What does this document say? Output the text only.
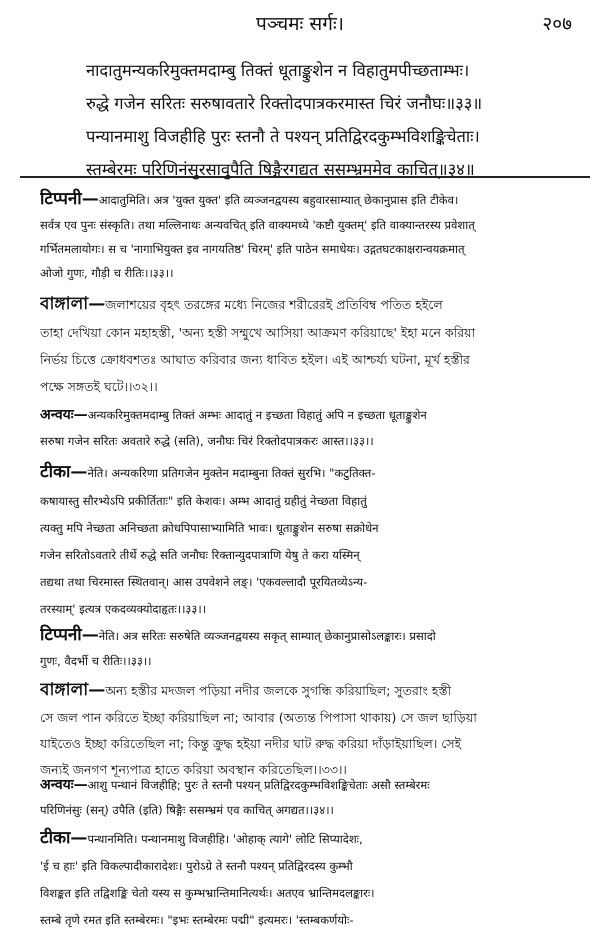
पञ्चमः सर्गः।	२०७
नादातुमन्यकरिमुक्तमदाम्बु तिक्तं धूताङ्कुशेन न विहातुमपीच्छताम्भः।
रुद्धे गजेन सरितः सरुषावतारे रिक्तोदपात्रकरमास्त चिरं जनौघः॥३३॥
पन्यानमाशु विजहीहि पुरः स्तनौ ते पश्यन् प्रतिद्विरदकुम्भविशङ्किचेताः।
स्तम्बेरमः परिणिनंसुरसावुपैति षिङ्गैरगद्यत ससम्भ्रममेव काचित्॥३४॥
टिप्पनी—आदातुमिति। अत्र 'युक्त युक्त' इति व्यञ्जनद्वयस्य बहुवारसाम्यात् छेकानुप्रास इति टीकेव।
सर्वत्र एव पुनः संस्कृति। तथा मल्लिनाथः अन्यवचित् इति वाक्यमध्ये 'कष्टौ युक्तम्' इति वाक्यान्तरस्य प्रवेशात्
गर्भितमलायोगः। स च 'नागाभियुक्त इव नागयतिष्ठ' चिरम्' इति पाठेन समाधेयः। उद्गतघटकाक्षरान्वयक्रमात्
ओजो गुणः, गौड़ी च रीतिः।।३३।।
বাঙ্গালা—জলাশয়ের বৃহৎ তরঙ্গের মধ্যে নিজের শরীরেরই প্রতিবিম্ব পতিত হইলে
তাহা দেখিয়া কোন মহাহস্তী, 'অন্য হস্তী সম্মুখে আসিয়া আক্রমণ করিয়াছে' ইহা মনে করিয়া
নির্ভয় চিত্তে ক্রোধবশতঃ আঘাত করিবার জন্য ধাবিত হইল। এই আশ্চর্য্য ঘটনা, মূর্খ হস্তীর
পক্ষে সঙ্গতই ঘটে।।৩২।।
अन्वयः—अन्यकरिमुक्तमदाम्बु तिक्तं अम्भः आदातुं न इच्छता विहातुं अपि न इच्छता धूताङ्कुशेन
सरुषा गजेन सरितः अवतारे रुद्धे (सति), जनौघः चिरं रिक्तोदपात्रकरः आस्त।।३३।।
टीका—नेति। अन्यकरिणा प्रतिगजेन मुक्तेन मदाम्बुना तिक्तं सुरभि। "कटुतिक्त-
कषायास्तु सौरभ्येऽपि प्रकीर्तिताः" इति केशवः। अम्भ आदातुं ग्रहीतुं नेच्छता विहातुं
त्यक्तु मपि नेच्छता अनिच्छता क्रोधपिपासाभ्यामिति भावः। धूताङ्कुशेन सरुषा सक्रोधेन
गजेन सरितोऽवतारे तीर्थे रुद्धे सति जनौघः रिक्तान्युदपात्राणि येषु ते करा यस्मिन्
तद्यथा तथा चिरमास्त स्थितवान्। आस उपवेशने लङ्। 'एकवल्लादौ पूरयितव्येऽन्य-
तरस्याम्' इत्यत्र एकदव्यक्योदाहृतः।।३३।।
टिप्पनी—नेति। अत्र सरितः सरुषेति व्यञ्जनद्वयस्य सकृत् साम्यात् छेकानुप्रासोऽलङ्कारः। प्रसादो
गुणः, वैदर्भी च रीतिः।।३३।।
বাঙ্গালা—অন্য হস্তীর মদজল পড়িয়া নদীর জলকে সুগন্ধি করিয়াছিল; সুতরাং হস্তী
সে জল পান করিতে ইচ্ছা করিয়াছিল না; আবার (অত্যন্ত পিপাসা থাকায়) সে জল ছাড়িয়া
যাইতেও ইচ্ছা করিতেছিল না; কিন্তু ক্রুদ্ধ হইয়া নদীর ঘাট রুদ্ধ করিয়া দাঁড়াইয়াছিল। সেই
জন্যই জনগণ শূন্যপাত্র হাতে করিয়া অবস্থান করিতেছিল।।৩৩।।
अन्वयः—आशु पन्थानं विजहीहि; पुरः ते स्तनौ पश्यन् प्रतिद्विरदकुम्भविशङ्किचेताः असौ स्तम्बेरमः
परिणिनंसुः (सन्) उपैति (इति) षिङ्गैः ससम्भ्रमं एव काचित् अगद्यत।।३४।।
टीका—पन्थानमिति। पन्थानमाशु विजहीहि। 'ओहाक् त्यागे' लोटि सिप्यादेशः,
'ई च हाः' इति विकल्पादीकारादेशः। पुरोऽग्रे ते स्तनौ पश्यन् प्रतिद्विरदस्य कुम्भौ
विशङ्कत इति तद्विशङ्कि चेतो यस्य स कुम्भभ्रान्तिमानित्यर्थः। अतएव भ्रान्तिमदलङ्कारः।
स्तम्बे तृणे रमत इति स्तम्बेरमः। "इभः स्तम्बेरमः पद्मी" इत्यमरः। 'स्तम्बकर्णयोः-
